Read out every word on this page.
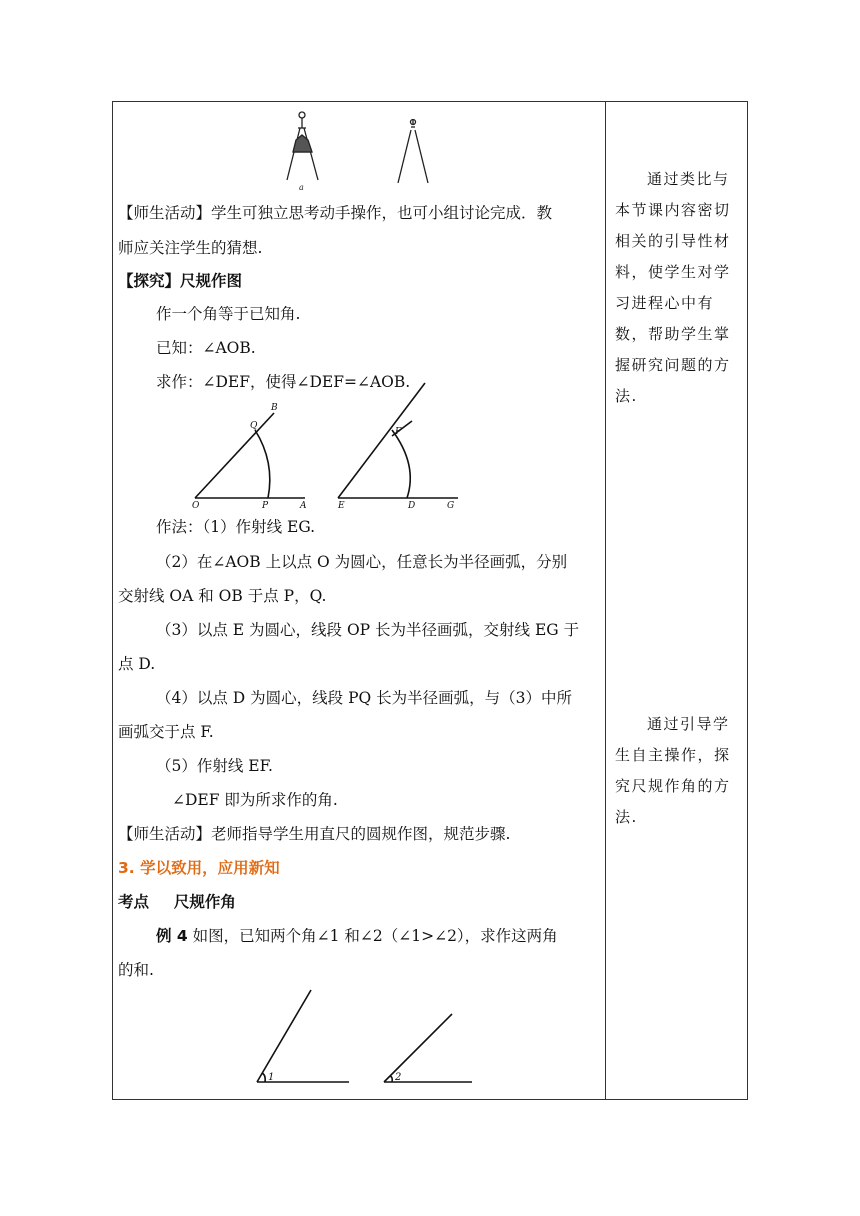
a
【师生活动】学生可独立思考动手操作，也可小组讨论完成．教
师应关注学生的猜想.
【探究】尺规作图
作一个角等于已知角.
已知：∠AOB.
求作：∠DEF，使得∠DEF=∠AOB.
O	P	A
Q
B
E	D	G
F
作法：（1）作射线 EG.
（2）在∠AOB 上以点 O 为圆心，任意长为半径画弧，分别
交射线 OA 和 OB 于点 P，Q.
（3）以点 E 为圆心，线段 OP 长为半径画弧，交射线 EG 于
点 D.
（4）以点 D 为圆心，线段 PQ 长为半径画弧，与（3）中所
画弧交于点 F.
（5）作射线 EF.
∠DEF 即为所求作的角.
【师生活动】老师指导学生用直尺的圆规作图，规范步骤.
3. 学以致用，应用新知
考点 尺规作角
例 4 如图，已知两个角∠1 和∠2（∠1>∠2），求作这两角
的和.
1	2
通过类比与本节课内容密切相关的引导性材料，使学生对学习进程心中有数，帮助学生掌握研究问题的方法.
通过引导学生自主操作，探究尺规作角的方法.
